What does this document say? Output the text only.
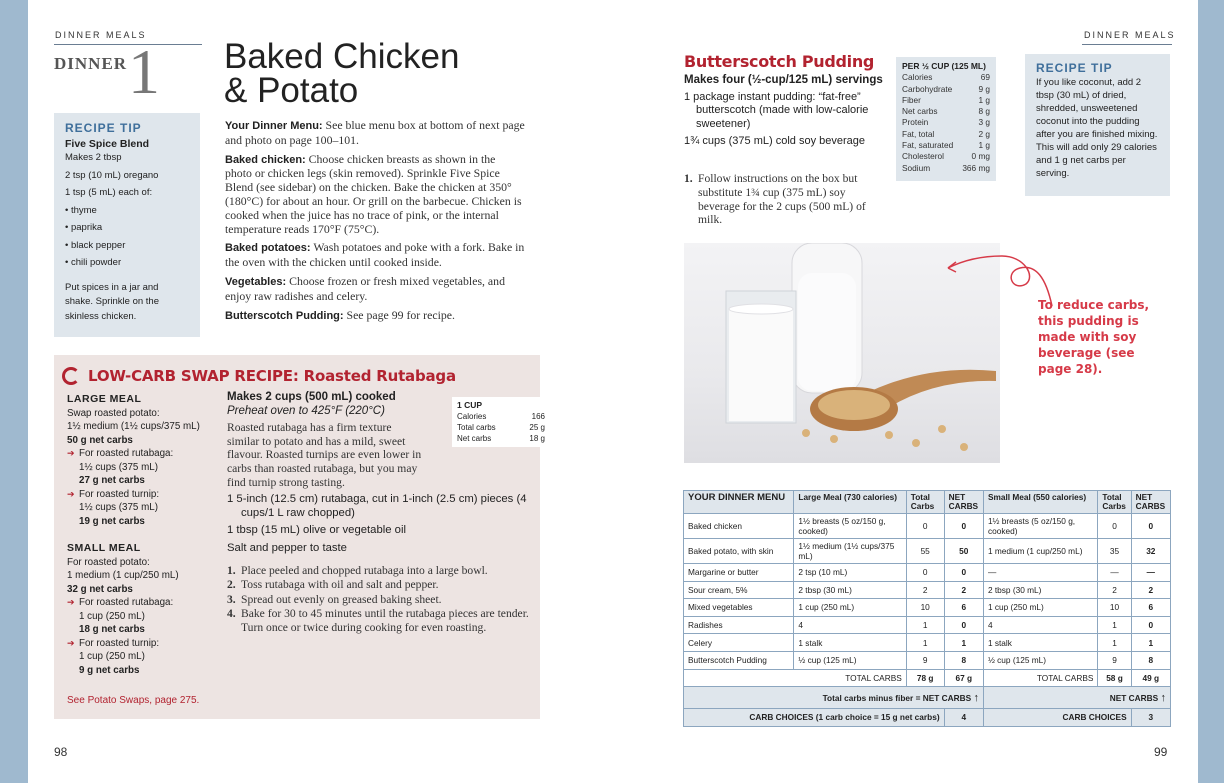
DINNER MEALS
DINNER 1 Baked Chicken
& Potato
RECIPE TIP
Five Spice Blend

Makes 2 tbsp

2 tsp (10 mL) oregano

1 tsp (5 mL) each of:

• thyme

• paprika

• black pepper

• chili powder

Put spices in a jar and shake. Sprinkle on the skinless chicken.

Your Dinner Menu: See blue menu box at bottom of next page and photo on page 100–101.

Baked chicken: Choose chicken breasts as shown in the photo or chicken legs (skin removed). Sprinkle Five Spice Blend (see sidebar) on the chicken. Bake the chicken at 350° (180°C) for about an hour. Or grill on the barbecue. Chicken is cooked when the juice has no trace of pink, or the internal temperature reads 170°F (75°C).

Baked potatoes: Wash potatoes and poke with a fork. Bake in the oven with the chicken until cooked inside.

Vegetables: Choose frozen or fresh mixed vegetables, and enjoy raw radishes and celery.

Butterscotch Pudding: See page 99 for recipe.

LOW-CARB SWAP RECIPE: Roasted Rutabaga
LARGE MEAL
Swap roasted potato:
1½ medium (1½ cups/375 mL)
50 g net carbs
➔ For roasted rutabaga:
1½ cups (375 mL)
27 g net carbs
➔ For roasted turnip:
1½ cups (375 mL)
19 g net carbs
SMALL MEAL
For roasted potato:
1 medium (1 cup/250 mL)
32 g net carbs
➔ For roasted rutabaga:
1 cup (250 mL)
18 g net carbs
➔ For roasted turnip:
1 cup (250 mL)
9 g net carbs
See Potato Swaps, page 275.
Makes 2 cups (500 mL) cooked
Preheat oven to 425°F (220°C)

Roasted rutabaga has a firm texture similar to potato and has a mild, sweet flavour. Roasted turnips are even lower in carbs than roasted rutabaga, but you may find turnip strong tasting.

1 5-inch (12.5 cm) rutabaga, cut in 1-inch (2.5 cm) pieces (4 cups/1 L raw chopped)

1 tbsp (15 mL) olive or vegetable oil

Salt and pepper to taste

1. Place peeled and chopped rutabaga into a large bowl.
2. Toss rutabaga with oil and salt and pepper.
3. Spread out evenly on greased baking sheet.
4. Bake for 30 to 45 minutes until the rutabaga pieces are tender. Turn once or twice during cooking for even roasting.
1 CUP
Calories	166
Total carbs	25 g
Net carbs	18 g
98
DINNER MEALS
Butterscotch Pudding

Makes four (½-cup/125 mL) servings

1 package instant pudding: “fat-free” butterscotch (made with low-calorie sweetener)

1¾ cups (375 mL) cold soy beverage

1. Follow instructions on the box but substitute 1¾ cup (375 mL) soy beverage for the 2 cups (500 mL) of milk.
PER ½ CUP (125 ML)
Calories	69
Carbohydrate	9 g
Fiber	1 g
Net carbs	8 g
Protein	3 g
Fat, total	2 g
Fat, saturated	1 g
Cholesterol	0 mg
Sodium	366 mg
RECIPE TIP
If you like coconut, add 2 tbsp (30 mL) of dried, shredded, unsweetened coconut into the pudding after you are finished mixing. This will add only 29 calories and 1 g net carbs per serving.
To reduce carbs, this pudding is made with soy beverage (see page 28).
YOUR DINNER MENU	Large Meal (730 calories)	Total Carbs	NET CARBS	Small Meal (550 calories)	Total Carbs	NET CARBS
Baked chicken	1½ breasts (5 oz/150 g, cooked)	0	0	1½ breasts (5 oz/150 g, cooked)	0	0
Baked potato, with skin	1½ medium (1½ cups/375 mL)	55	50	1 medium (1 cup/250 mL)	35	32
Margarine or butter	2 tsp (10 mL)	0	0	—	—	—
Sour cream, 5%	2 tbsp (30 mL)	2	2	2 tbsp (30 mL)	2	2
Mixed vegetables	1 cup (250 mL)	10	6	1 cup (250 mL)	10	6
Radishes	4	1	0	4	1	0
Celery	1 stalk	1	1	1 stalk	1	1
Butterscotch Pudding	½ cup (125 mL)	9	8	½ cup (125 mL)	9	8
TOTAL CARBS		78 g	67 g	TOTAL CARBS	58 g	49 g
Total carbs minus fiber = NET CARBS ↑				NET CARBS ↑		
CARB CHOICES (1 carb choice = 15 g net carbs)			4	CARB CHOICES		3
99
